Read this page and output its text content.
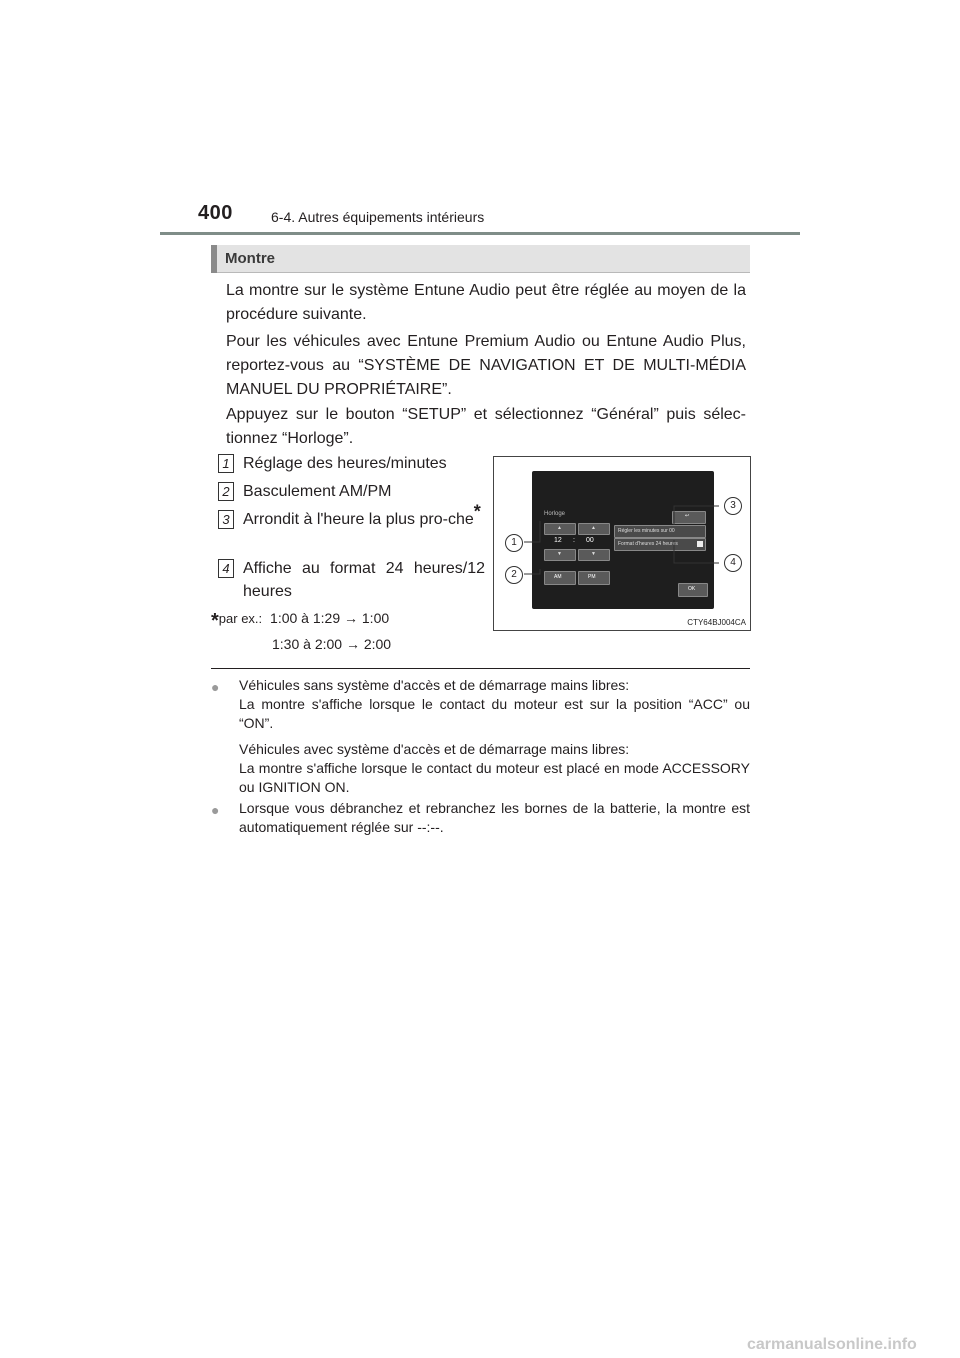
400	6-4. Autres équipements intérieurs
Montre
La montre sur le système Entune Audio peut être réglée au moyen de la procédure suivante.
Pour les véhicules avec Entune Premium Audio ou Entune Audio Plus, reportez-vous au “SYSTÈME DE NAVIGATION ET DE MULTI-MÉDIA MANUEL DU PROPRIÉTAIRE”.
Appuyez sur le bouton “SETUP” et sélectionnez “Général” puis sélec-tionnez “Horloge”.
1 Réglage des heures/minutes
2 Basculement AM/PM
3 Arrondit à l'heure la plus pro-che*
4 Affiche au format 24 heures/12 heures
*par ex.: 1:00 à 1:29 → 1:00
1:30 à 2:00 → 2:00
Horloge
▲	▲
12 : 00
▼	▼
AM	PM
↩
Régler les minutes sur 00
Format d'heures 24 heures
OK
1
2
3
4
CTY64BJ004CA
● Véhicules sans système d'accès et de démarrage mains libres:
La montre s'affiche lorsque le contact du moteur est sur la position “ACC” ou “ON”.
Véhicules avec système d'accès et de démarrage mains libres:
La montre s'affiche lorsque le contact du moteur est placé en mode ACCESSORY ou IGNITION ON.
● Lorsque vous débranchez et rebranchez les bornes de la batterie, la montre est automatiquement réglée sur --:--.
carmanualsonline.info
